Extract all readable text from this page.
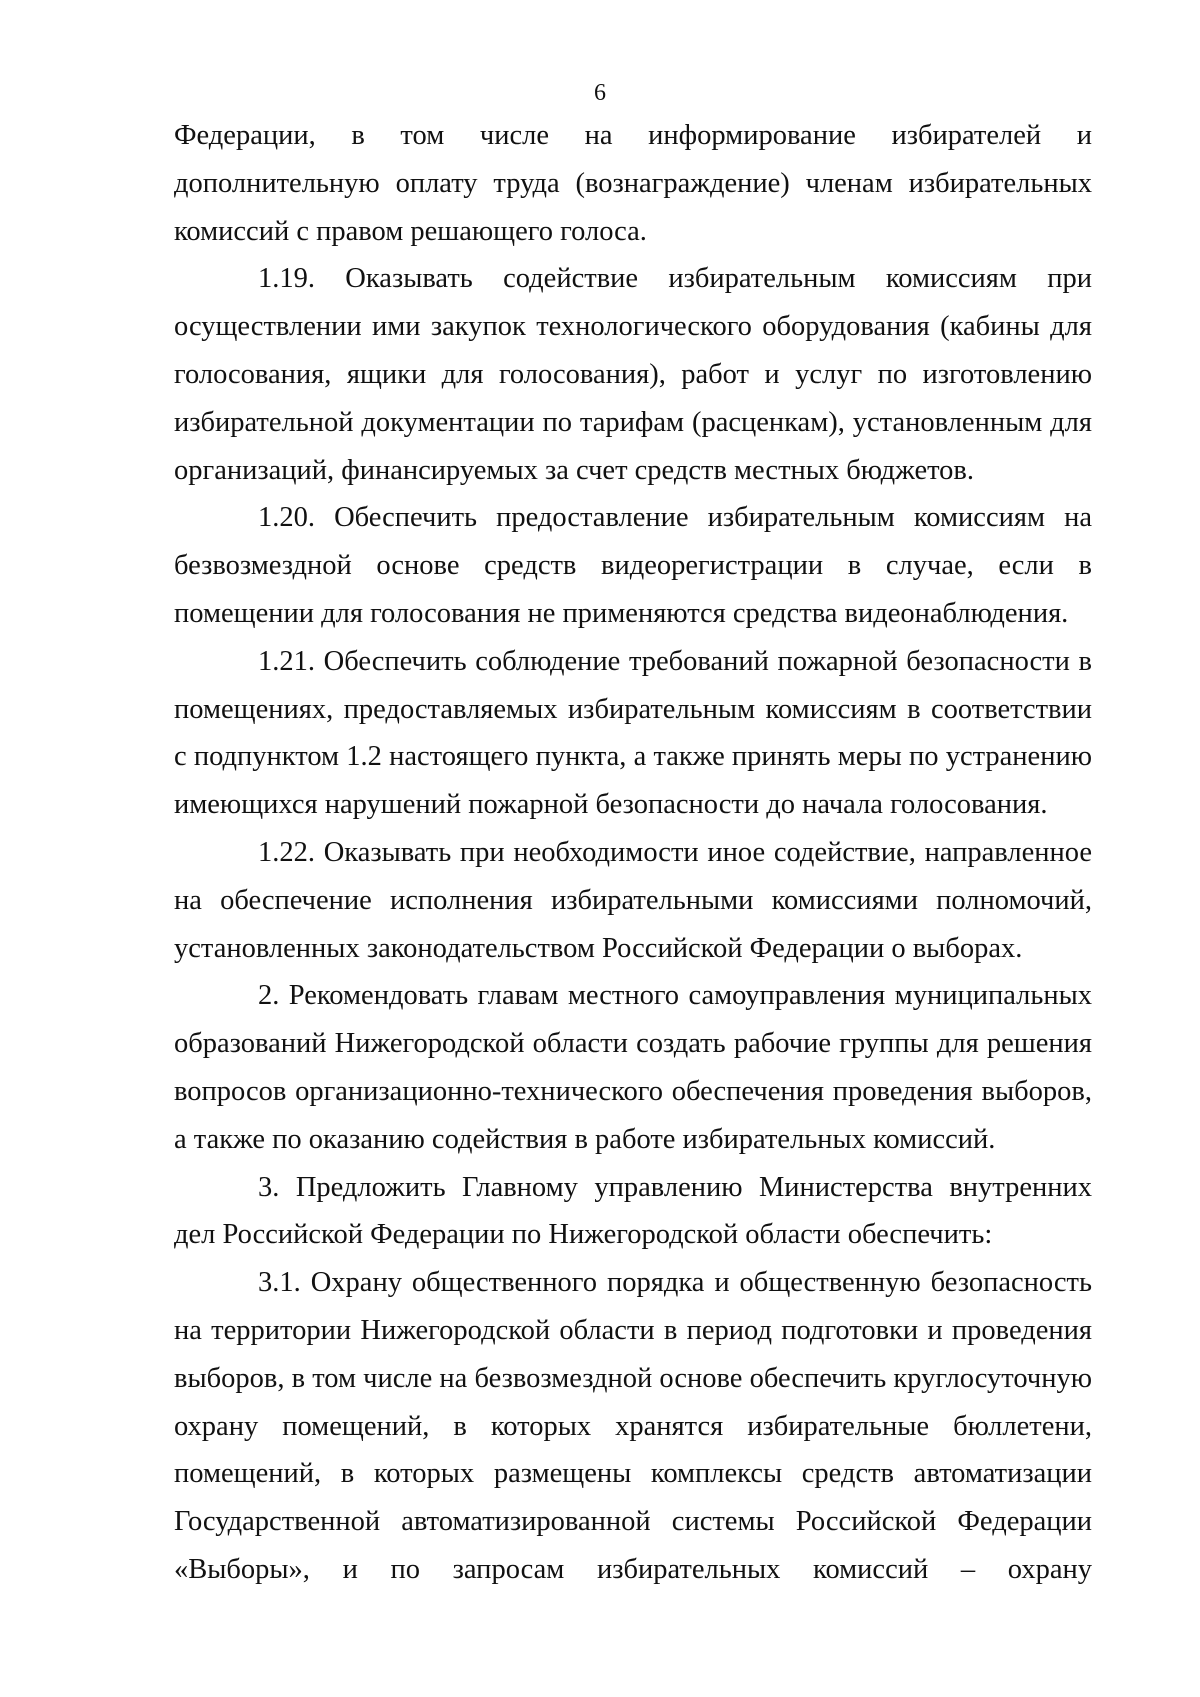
6

Федерации, в том числе на информирование избирателей и дополнительную оплату труда (вознаграждение) членам избирательных комиссий с правом решающего голоса.

1.19. Оказывать содействие избирательным комиссиям при осуществлении ими закупок технологического оборудования (кабины для голосования, ящики для голосования), работ и услуг по изготовлению избирательной документации по тарифам (расценкам), установленным для организаций, финансируемых за счет средств местных бюджетов.

1.20. Обеспечить предоставление избирательным комиссиям на безвозмездной основе средств видеорегистрации в случае, если в помещении для голосования не применяются средства видеонаблюдения.

1.21. Обеспечить соблюдение требований пожарной безопасности в помещениях, предоставляемых избирательным комиссиям в соответствии с подпунктом 1.2 настоящего пункта, а также принять меры по устранению имеющихся нарушений пожарной безопасности до начала голосования.

1.22. Оказывать при необходимости иное содействие, направленное на обеспечение исполнения избирательными комиссиями полномочий, установленных законодательством Российской Федерации о выборах.

2. Рекомендовать главам местного самоуправления муниципальных образований Нижегородской области создать рабочие группы для решения вопросов организационно-технического обеспечения проведения выборов, а также по оказанию содействия в работе избирательных комиссий.

3. Предложить Главному управлению Министерства внутренних дел Российской Федерации по Нижегородской области обеспечить:

3.1. Охрану общественного порядка и общественную безопасность на территории Нижегородской области в период подготовки и проведения выборов, в том числе на безвозмездной основе обеспечить круглосуточную охрану помещений, в которых хранятся избирательные бюллетени, помещений, в которых размещены комплексы средств автоматизации Государственной автоматизированной системы Российской Федерации «Выборы», и по запросам избирательных комиссий – охрану
